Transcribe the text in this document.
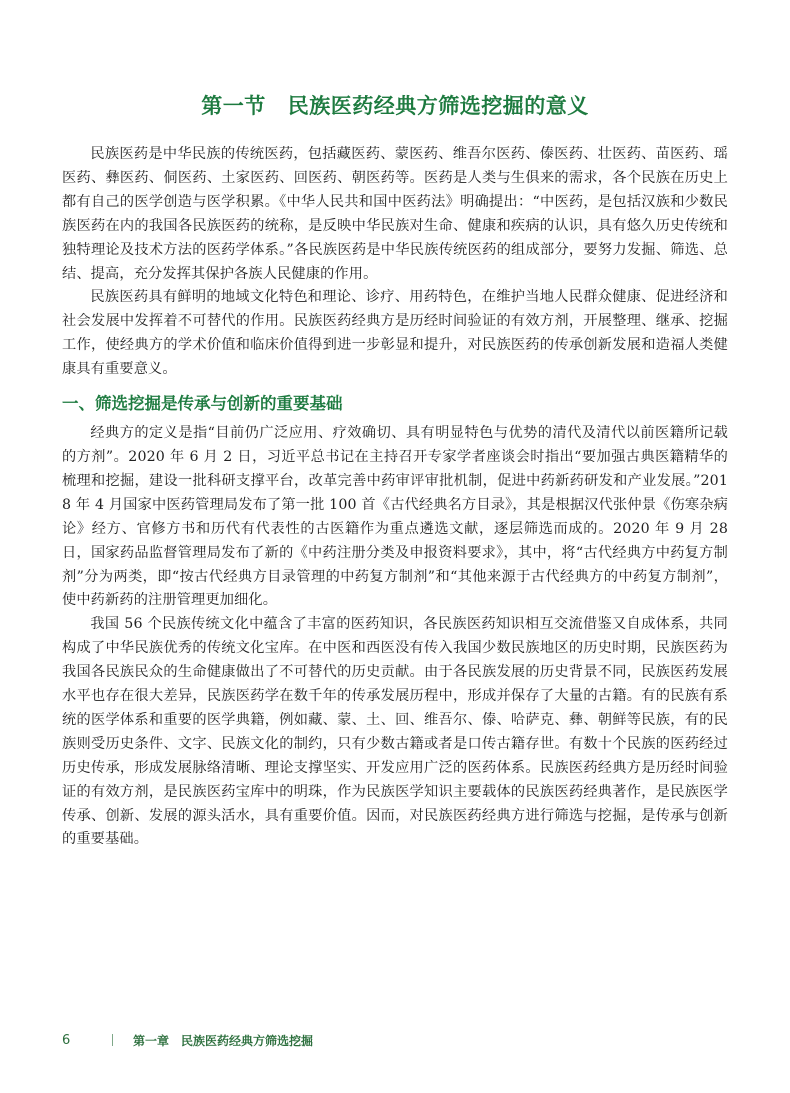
第一节 民族医药经典方筛选挖掘的意义

民族医药是中华民族的传统医药，包括藏医药、蒙医药、维吾尔医药、傣医药、壮医药、苗医药、瑶医药、彝医药、侗医药、土家医药、回医药、朝医药等。医药是人类与生俱来的需求，各个民族在历史上都有自己的医学创造与医学积累。《中华人民共和国中医药法》明确提出：“中医药，是包括汉族和少数民族医药在内的我国各民族医药的统称，是反映中华民族对生命、健康和疾病的认识，具有悠久历史传统和独特理论及技术方法的医药学体系。”各民族医药是中华民族传统医药的组成部分，要努力发掘、筛选、总结、提高，充分发挥其保护各族人民健康的作用。

民族医药具有鲜明的地域文化特色和理论、诊疗、用药特色，在维护当地人民群众健康、促进经济和社会发展中发挥着不可替代的作用。民族医药经典方是历经时间验证的有效方剂，开展整理、继承、挖掘工作，使经典方的学术价值和临床价值得到进一步彰显和提升，对民族医药的传承创新发展和造福人类健康具有重要意义。

一、筛选挖掘是传承与创新的重要基础

经典方的定义是指“目前仍广泛应用、疗效确切、具有明显特色与优势的清代及清代以前医籍所记载的方剂”。2020 年 6 月 2 日，习近平总书记在主持召开专家学者座谈会时指出“要加强古典医籍精华的梳理和挖掘，建设一批科研支撑平台，改革完善中药审评审批机制，促进中药新药研发和产业发展。”2018 年 4 月国家中医药管理局发布了第一批 100 首《古代经典名方目录》，其是根据汉代张仲景《伤寒杂病论》经方、官修方书和历代有代表性的古医籍作为重点遴选文献，逐层筛选而成的。2020 年 9 月 28 日，国家药品监督管理局发布了新的《中药注册分类及申报资料要求》，其中，将“古代经典方中药复方制剂”分为两类，即“按古代经典方目录管理的中药复方制剂”和“其他来源于古代经典方的中药复方制剂”，使中药新药的注册管理更加细化。

我国 56 个民族传统文化中蕴含了丰富的医药知识，各民族医药知识相互交流借鉴又自成体系，共同构成了中华民族优秀的传统文化宝库。在中医和西医没有传入我国少数民族地区的历史时期，民族医药为我国各民族民众的生命健康做出了不可替代的历史贡献。由于各民族发展的历史背景不同，民族医药发展水平也存在很大差异，民族医药学在数千年的传承发展历程中，形成并保存了大量的古籍。有的民族有系统的医学体系和重要的医学典籍，例如藏、蒙、土、回、维吾尔、傣、哈萨克、彝、朝鲜等民族，有的民族则受历史条件、文字、民族文化的制约，只有少数古籍或者是口传古籍存世。有数十个民族的医药经过历史传承，形成发展脉络清晰、理论支撑坚实、开发应用广泛的医药体系。民族医药经典方是历经时间验证的有效方剂，是民族医药宝库中的明珠，作为民族医学知识主要载体的民族医药经典著作，是民族医学传承、创新、发展的源头活水，具有重要价值。因而，对民族医药经典方进行筛选与挖掘，是传承与创新的重要基础。

6	第一章　民族医药经典方筛选挖掘
